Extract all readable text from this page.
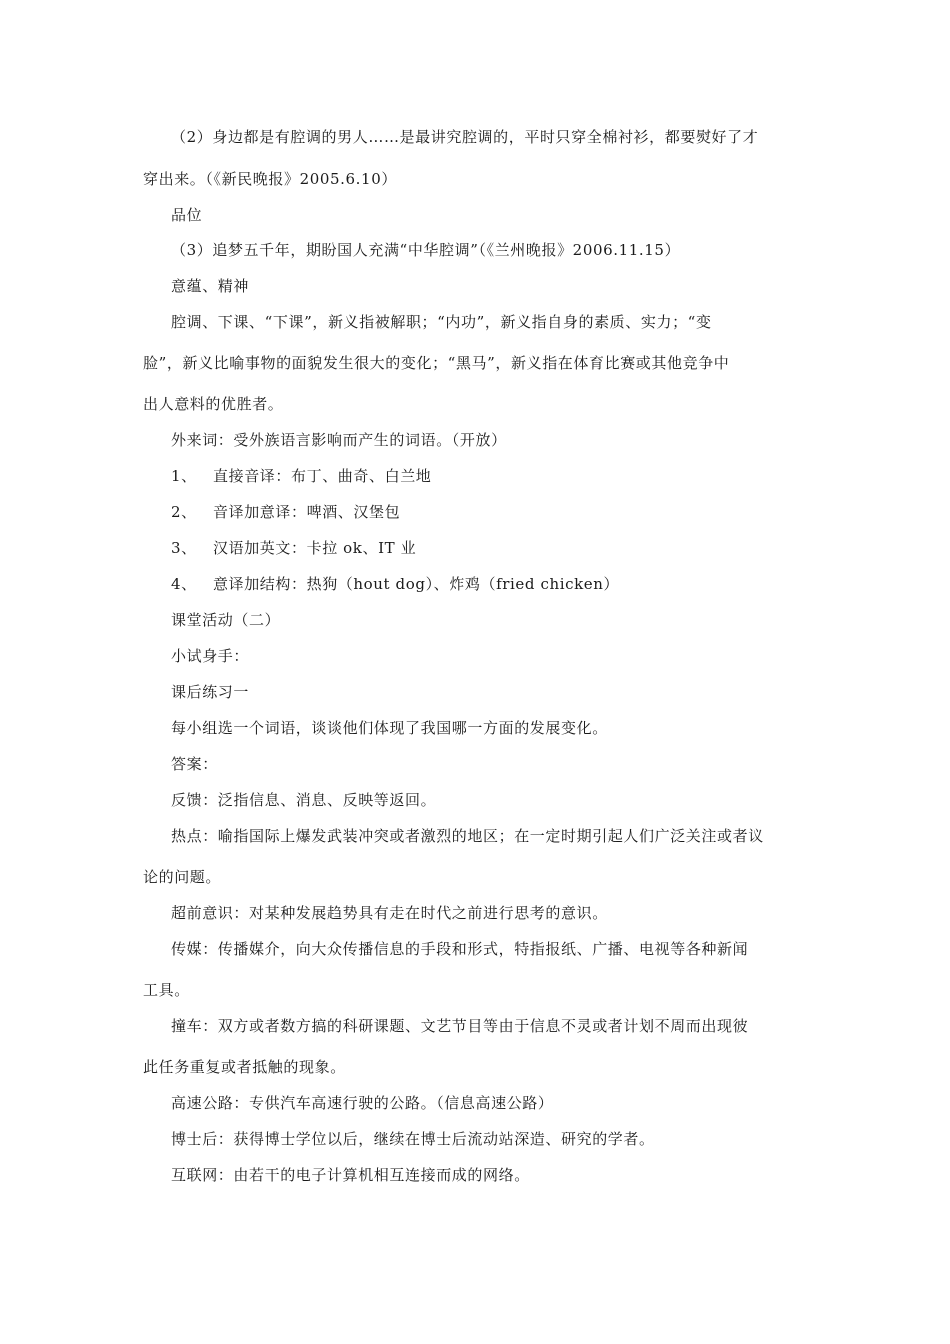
（2）身边都是有腔调的男人……是最讲究腔调的，平时只穿全棉衬衫，都要熨好了才

穿出来。（《新民晚报》2005.6.10）

品位

（3）追梦五千年，期盼国人充满“中华腔调”（《兰州晚报》2006.11.15）

意蕴、精神

腔调、下课、“下课”，新义指被解职；“内功”，新义指自身的素质、实力；“变

脸”，新义比喻事物的面貌发生很大的变化；“黑马”，新义指在体育比赛或其他竞争中

出人意料的优胜者。

外来词：受外族语言影响而产生的词语。（开放）

1、 直接音译：布丁、曲奇、白兰地

2、 音译加意译：啤酒、汉堡包

3、 汉语加英文：卡拉 ok、IT 业

4、 意译加结构：热狗（hout dog）、炸鸡（fried chicken）

课堂活动（二）

小试身手：

课后练习一

每小组选一个词语，谈谈他们体现了我国哪一方面的发展变化。

答案：

反馈：泛指信息、消息、反映等返回。

热点：喻指国际上爆发武装冲突或者激烈的地区；在一定时期引起人们广泛关注或者议

论的问题。

超前意识：对某种发展趋势具有走在时代之前进行思考的意识。

传媒：传播媒介，向大众传播信息的手段和形式，特指报纸、广播、电视等各种新闻

工具。

撞车：双方或者数方搞的科研课题、文艺节目等由于信息不灵或者计划不周而出现彼

此任务重复或者抵触的现象。

高速公路：专供汽车高速行驶的公路。（信息高速公路）

博士后：获得博士学位以后，继续在博士后流动站深造、研究的学者。

互联网：由若干的电子计算机相互连接而成的网络。
